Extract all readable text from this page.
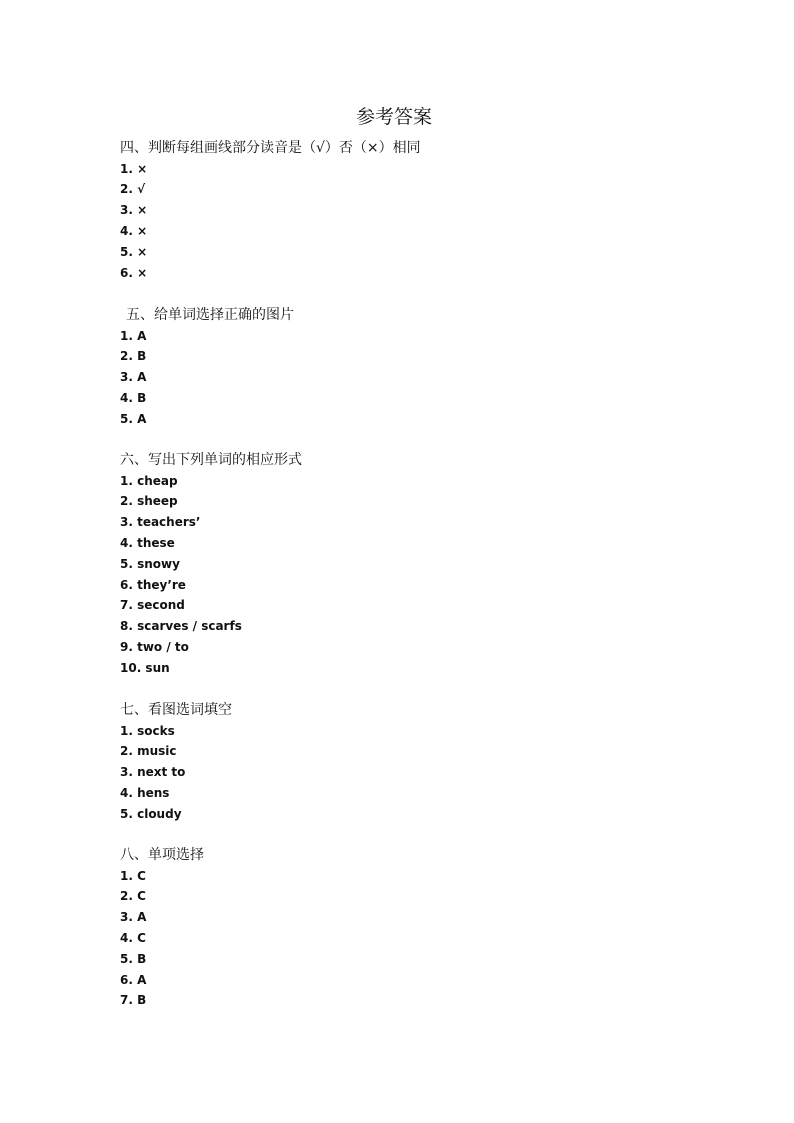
参考答案
四、判断每组画线部分读音是（√）否（×）相同
1. ×
2. √
3. ×
4. ×
5. ×
6. ×
五、给单词选择正确的图片
1. A
2. B
3. A
4. B
5. A
六、写出下列单词的相应形式
1. cheap
2. sheep
3. teachers’
4. these
5. snowy
6. they’re
7. second
8. scarves / scarfs
9. two / to
10. sun
七、看图选词填空
1. socks
2. music
3. next to
4. hens
5. cloudy
八、单项选择
1. C
2. C
3. A
4. C
5. B
6. A
7. B
